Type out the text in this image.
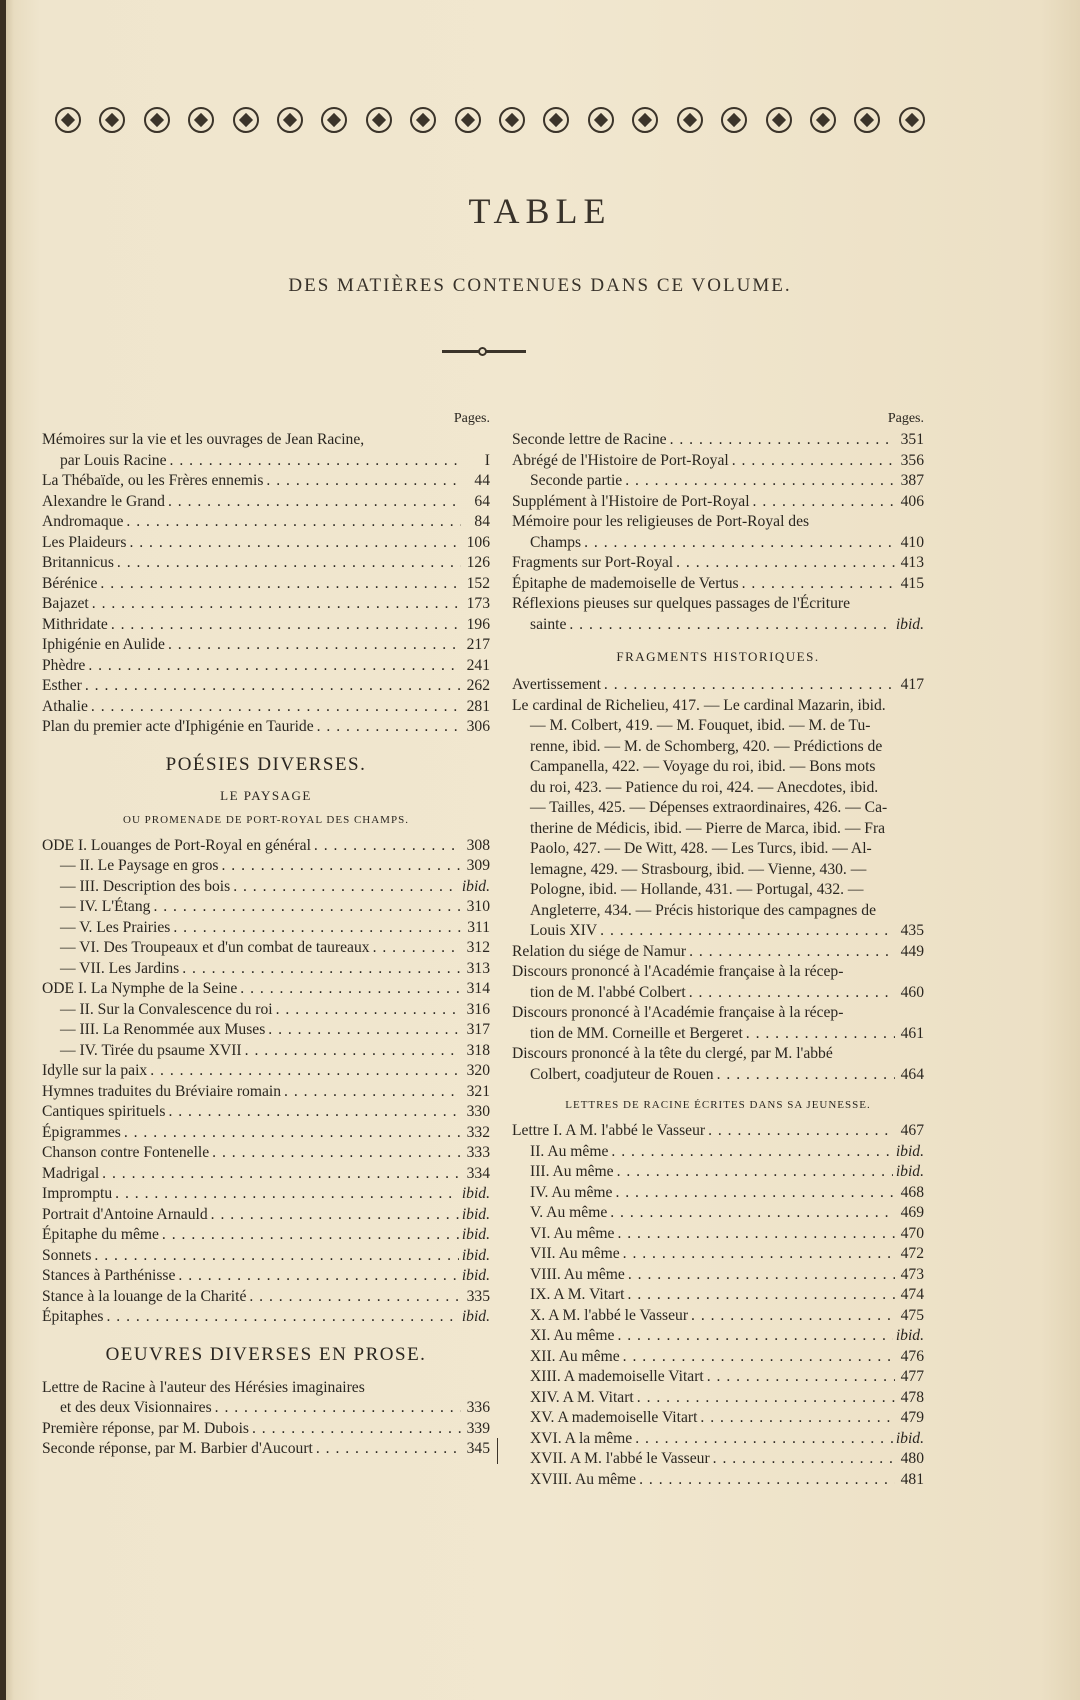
TABLE
DES MATIÈRES CONTENUES DANS CE VOLUME.
Pages.
Mémoires sur la vie et les ouvrages de Jean Racine,
par Louis Racine . . .	I
La Thébaïde, ou les Frères ennemis . . .	44
Alexandre le Grand . . .	64
Andromaque . . .	84
Les Plaideurs . . .	106
Britannicus . . .	126
Bérénice . . .	152
Bajazet . . .	173
Mithridate . . .	196
Iphigénie en Aulide . . .	217
Phèdre . . .	241
Esther . . .	262
Athalie . . .	281
Plan du premier acte d'Iphigénie en Tauride . . .	306
POÉSIES DIVERSES.
LE PAYSAGE
OU PROMENADE DE PORT-ROYAL DES CHAMPS.
ODE I. Louanges de Port-Royal en général . . .	308
— II. Le Paysage en gros . . .	309
— III. Description des bois . . .	ibid.
— IV. L'Étang . . .	310
— V. Les Prairies . . .	311
— VI. Des Troupeaux et d'un combat de taureaux . . .	312
— VII. Les Jardins . . .	313
ODE I. La Nymphe de la Seine . . .	314
— II. Sur la Convalescence du roi . . .	316
— III. La Renommée aux Muses . . .	317
— IV. Tirée du psaume XVII . . .	318
Idylle sur la paix . . .	320
Hymnes traduites du Bréviaire romain . . .	321
Cantiques spirituels . . .	330
Épigrammes . . .	332
Chanson contre Fontenelle . . .	333
Madrigal . . .	334
Impromptu . . .	ibid.
Portrait d'Antoine Arnauld . . .	ibid.
Épitaphe du même . . .	ibid.
Sonnets . . .	ibid.
Stances à Parthénisse . . .	ibid.
Stance à la louange de la Charité . . .	335
Épitaphes . . .	ibid.
OEUVRES DIVERSES EN PROSE.
Lettre de Racine à l'auteur des Hérésies imaginaires
et des deux Visionnaires . . .	336
Première réponse, par M. Dubois . . .	339
Seconde réponse, par M. Barbier d'Aucourt . . .	345
Pages.
Seconde lettre de Racine . . .	351
Abrégé de l'Histoire de Port-Royal . . .	356
Seconde partie . . .	387
Supplément à l'Histoire de Port-Royal . . .	406
Mémoire pour les religieuses de Port-Royal des
Champs . . .	410
Fragments sur Port-Royal . . .	413
Épitaphe de mademoiselle de Vertus . . .	415
Réflexions pieuses sur quelques passages de l'Écriture
sainte . . .	ibid.
FRAGMENTS HISTORIQUES.
Avertissement . . .	417
Le cardinal de Richelieu, 417. — Le cardinal Mazarin, ibid.
— M. Colbert, 419. — M. Fouquet, ibid. — M. de Tu-
renne, ibid. — M. de Schomberg, 420. — Prédictions de
Campanella, 422. — Voyage du roi, ibid. — Bons mots
du roi, 423. — Patience du roi, 424. — Anecdotes, ibid.
— Tailles, 425. — Dépenses extraordinaires, 426. — Ca-
therine de Médicis, ibid. — Pierre de Marca, ibid. — Fra
Paolo, 427. — De Witt, 428. — Les Turcs, ibid. — Al-
lemagne, 429. — Strasbourg, ibid. — Vienne, 430. —
Pologne, ibid. — Hollande, 431. — Portugal, 432. —
Angleterre, 434. — Précis historique des campagnes de
Louis XIV . . .	435
Relation du siége de Namur . . .	449
Discours prononcé à l'Académie française à la récep-
tion de M. l'abbé Colbert . . .	460
Discours prononcé à l'Académie française à la récep-
tion de MM. Corneille et Bergeret . . .	461
Discours prononcé à la tête du clergé, par M. l'abbé
Colbert, coadjuteur de Rouen . . .	464
LETTRES DE RACINE ÉCRITES DANS SA JEUNESSE.
Lettre I. A M. l'abbé le Vasseur . . .	467
II. Au même . . .	ibid.
III. Au même . . .	ibid.
IV. Au même . . .	468
V. Au même . . .	469
VI. Au même . . .	470
VII. Au même . . .	472
VIII. Au même . . .	473
IX. A M. Vitart . . .	474
X. A M. l'abbé le Vasseur . . .	475
XI. Au même . . .	ibid.
XII. Au même . . .	476
XIII. A mademoiselle Vitart . . .	477
XIV. A M. Vitart . . .	478
XV. A mademoiselle Vitart . . .	479
XVI. A la même . . .	ibid.
XVII. A M. l'abbé le Vasseur . . .	480
XVIII. Au même . . .	481
